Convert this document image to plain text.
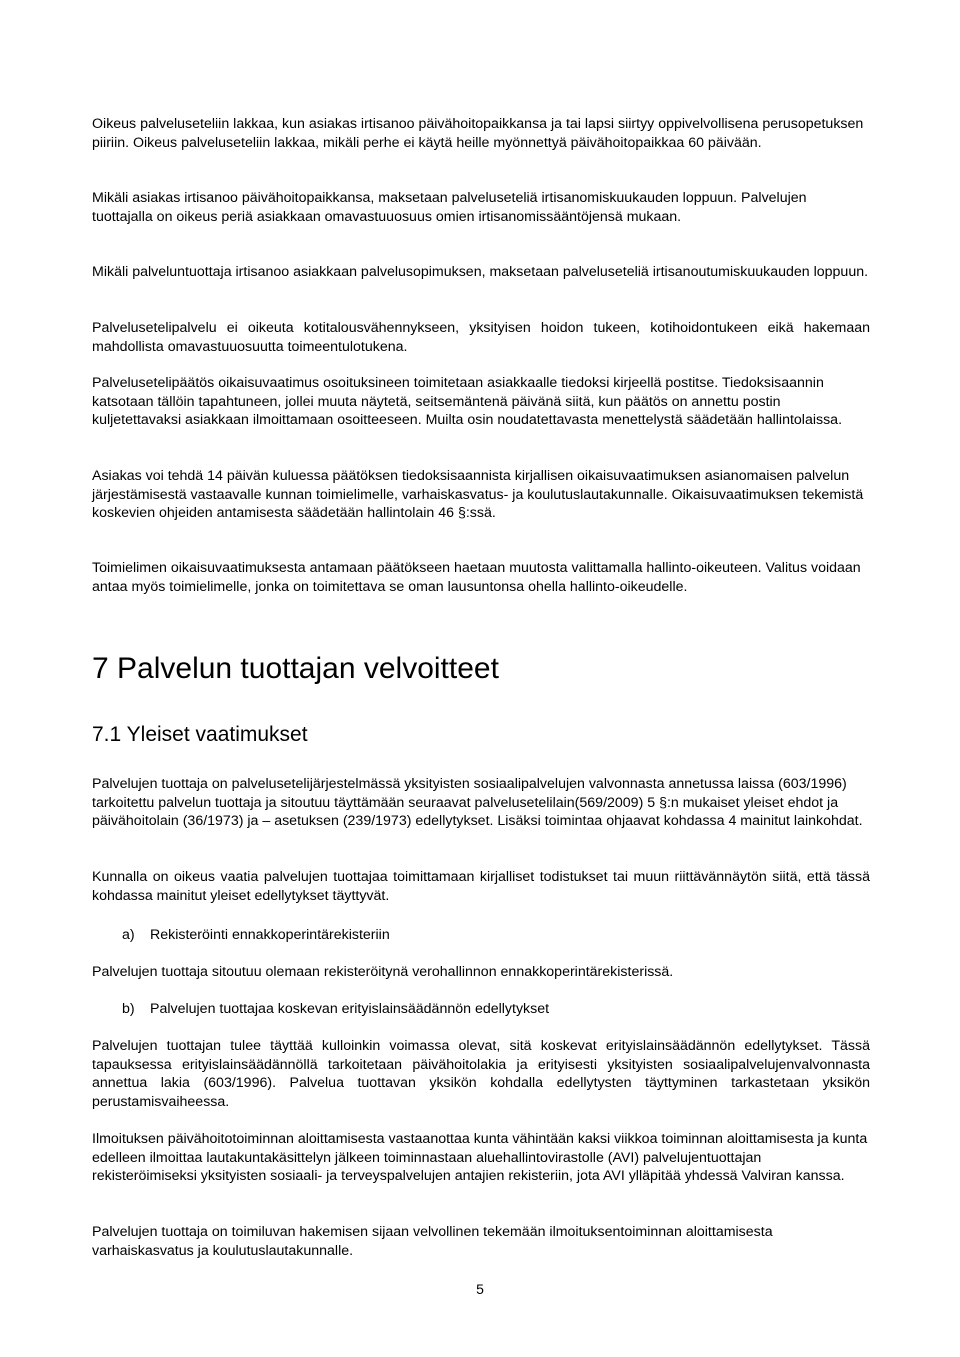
Oikeus palveluseteliin lakkaa, kun asiakas irtisanoo päivähoitopaikkansa ja tai lapsi siirtyy oppivelvollisena perusopetuksen piiriin. Oikeus palveluseteliin lakkaa, mikäli perhe ei käytä heille myönnettyä päivähoitopaikkaa 60 päivään.

Mikäli asiakas irtisanoo päivähoitopaikkansa, maksetaan palveluseteliä irtisanomiskuukauden loppuun. Palvelujen tuottajalla on oikeus periä asiakkaan omavastuuosuus omien irtisanomissääntöjensä mukaan.

Mikäli palveluntuottaja irtisanoo asiakkaan palvelusopimuksen, maksetaan palveluseteliä irtisanoutumiskuukauden loppuun.

Palvelusetelipalvelu ei oikeuta kotitalousvähennykseen, yksityisen hoidon tukeen, kotihoidontukeen eikä hakemaan mahdollista omavastuuosuutta toimeentulotukena.

Palvelusetelipäätös oikaisuvaatimus osoituksineen toimitetaan asiakkaalle tiedoksi kirjeellä postitse. Tiedoksisaannin katsotaan tällöin tapahtuneen, jollei muuta näytetä, seitsemäntenä päivänä siitä, kun päätös on annettu postin kuljetettavaksi asiakkaan ilmoittamaan osoitteeseen. Muilta osin noudatettavasta menettelystä säädetään hallintolaissa.

Asiakas voi tehdä 14 päivän kuluessa päätöksen tiedoksisaannista kirjallisen oikaisuvaatimuksen asianomaisen palvelun järjestämisestä vastaavalle kunnan toimielimelle, varhaiskasvatus- ja koulutuslautakunnalle. Oikaisuvaatimuksen tekemistä koskevien ohjeiden antamisesta säädetään hallintolain 46 §:ssä.

Toimielimen oikaisuvaatimuksesta antamaan päätökseen haetaan muutosta valittamalla hallinto-oikeuteen. Valitus voidaan antaa myös toimielimelle, jonka on toimitettava se oman lausuntonsa ohella hallinto-oikeudelle.

7 Palvelun tuottajan velvoitteet
7.1 Yleiset vaatimukset

Palvelujen tuottaja on palvelusetelijärjestelmässä yksityisten sosiaalipalvelujen valvonnasta annetussa laissa (603/1996) tarkoitettu palvelun tuottaja ja sitoutuu täyttämään seuraavat palvelusetelilain(569/2009) 5 §:n mukaiset yleiset ehdot ja päivähoitolain (36/1973) ja – asetuksen (239/1973) edellytykset. Lisäksi toimintaa ohjaavat kohdassa 4 mainitut lainkohdat.

Kunnalla on oikeus vaatia palvelujen tuottajaa toimittamaan kirjalliset todistukset tai muun riittävännäytön siitä, että tässä kohdassa mainitut yleiset edellytykset täyttyvät.

a) Rekisteröinti ennakkoperintärekisteriin

Palvelujen tuottaja sitoutuu olemaan rekisteröitynä verohallinnon ennakkoperintärekisterissä.

b) Palvelujen tuottajaa koskevan erityislainsäädännön edellytykset

Palvelujen tuottajan tulee täyttää kulloinkin voimassa olevat, sitä koskevat erityislainsäädännön edellytykset. Tässä tapauksessa erityislainsäädännöllä tarkoitetaan päivähoitolakia ja erityisesti yksityisten sosiaalipalvelujenvalvonnasta annettua lakia (603/1996). Palvelua tuottavan yksikön kohdalla edellytysten täyttyminen tarkastetaan yksikön perustamisvaiheessa.

Ilmoituksen päivähoitotoiminnan aloittamisesta vastaanottaa kunta vähintään kaksi viikkoa toiminnan aloittamisesta ja kunta edelleen ilmoittaa lautakuntakäsittelyn jälkeen toiminnastaan aluehallintovirastolle (AVI) palvelujentuottajan rekisteröimiseksi yksityisten sosiaali- ja terveyspalvelujen antajien rekisteriin, jota AVI ylläpitää yhdessä Valviran kanssa.

Palvelujen tuottaja on toimiluvan hakemisen sijaan velvollinen tekemään ilmoituksentoiminnan aloittamisesta varhaiskasvatus ja koulutuslautakunnalle.

5
